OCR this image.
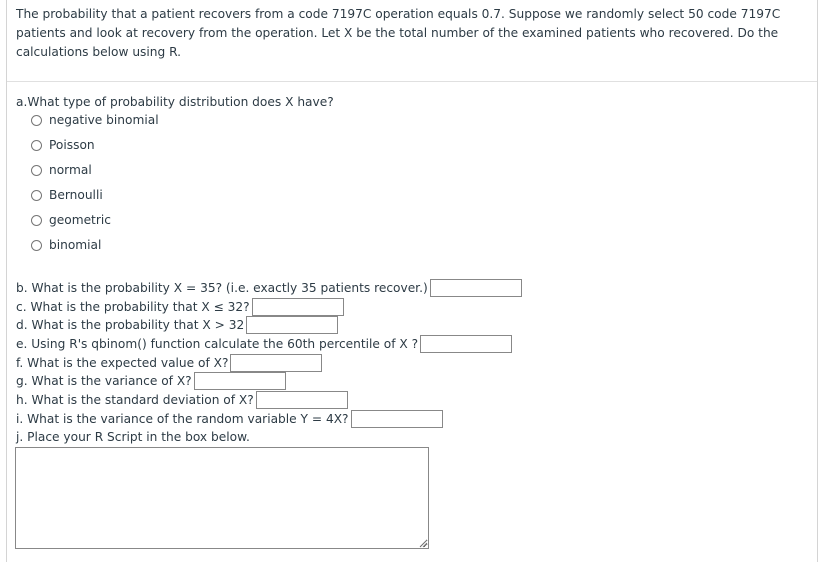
The probability that a patient recovers from a code 7197C operation equals 0.7. Suppose we randomly select 50 code 7197C patients and look at recovery from the operation. Let X be the total number of the examined patients who recovered. Do the calculations below using R.

a.What type of probability distribution does X have?

negative binomial
Poisson
normal
Bernoulli
geometric
binomial
b. What is the probability X = 35? (i.e. exactly 35 patients recover.)
c. What is the probability that X ≤ 32?
d. What is the probability that X > 32
e. Using R's qbinom() function calculate the 60th percentile of X ?
f. What is the expected value of X?
g. What is the variance of X?
h. What is the standard deviation of X?
i. What is the variance of the random variable Y = 4X?
j. Place your R Script in the box below.
